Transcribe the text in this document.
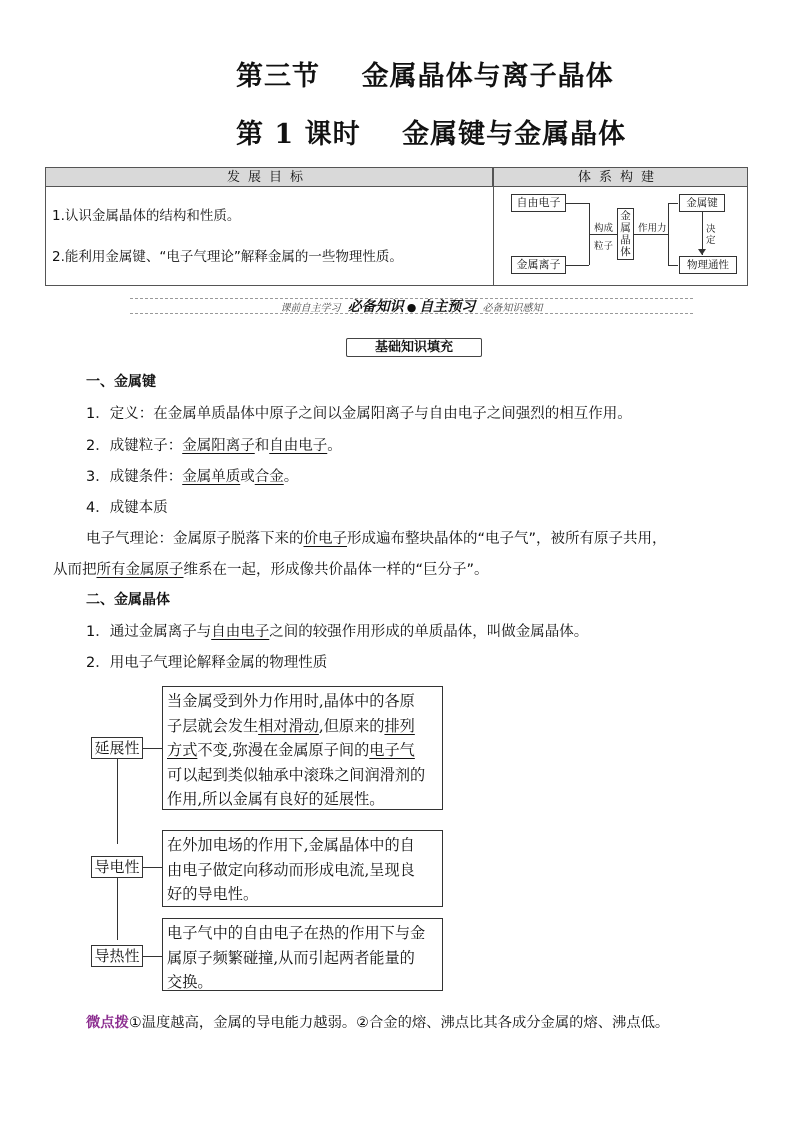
第三节    金属晶体与离子晶体
第 1 课时    金属键与金属晶体
发展目标	体系构建
1.认识金属晶体的结构和性质。
2.能利用金属键、“电子气理论”解释金属的一些物理性质。
自由电子
金属离子
构成
粒子
金属晶体
作用力
金属键
决定
物理通性
课前自主学习 必备知识 ● 自主预习 必备知识感知
基础知识填充
一、金属键
1．定义：在金属单质晶体中原子之间以金属阳离子与自由电子之间强烈的相互作用。
2．成键粒子：金属阳离子和自由电子。
3．成键条件：金属单质或合金。
4．成键本质
电子气理论：金属原子脱落下来的价电子形成遍布整块晶体的“电子气”，被所有原子共用，
从而把所有金属原子维系在一起，形成像共价晶体一样的“巨分子”。
二、金属晶体
1．通过金属离子与自由电子之间的较强作用形成的单质晶体，叫做金属晶体。
2．用电子气理论解释金属的物理性质
延展性
当金属受到外力作用时,晶体中的各原
子层就会发生相对滑动,但原来的排列
方式不变,弥漫在金属原子间的电子气
可以起到类似轴承中滚珠之间润滑剂的
作用,所以金属有良好的延展性。
导电性
在外加电场的作用下,金属晶体中的自
由电子做定向移动而形成电流,呈现良
好的导电性。
导热性
电子气中的自由电子在热的作用下与金
属原子频繁碰撞,从而引起两者能量的
交换。
微点拨①温度越高，金属的导电能力越弱。②合金的熔、沸点比其各成分金属的熔、沸点低。
